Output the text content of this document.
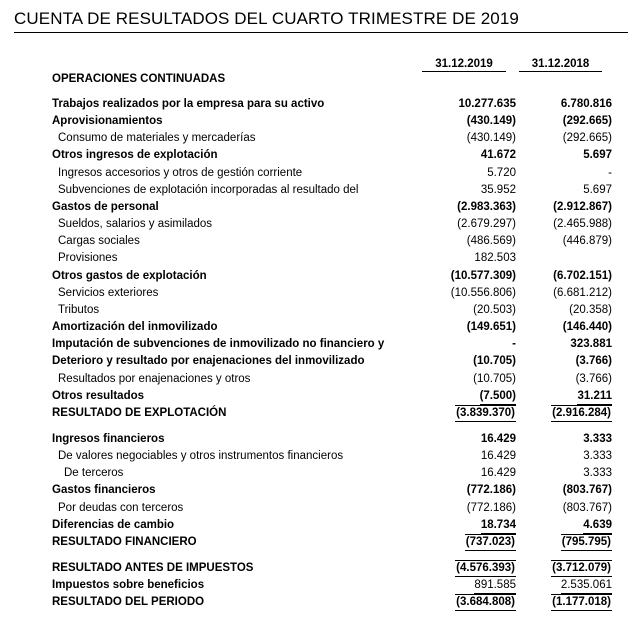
CUENTA DE RESULTADOS DEL CUARTO TRIMESTRE DE 2019
31.12.2019	31.12.2018
OPERACIONES CONTINUADAS
Trabajos realizados por la empresa para su activo	10.277.635	6.780.816
Aprovisionamientos	(430.149)	(292.665)
Consumo de materiales y mercaderías	(430.149)	(292.665)
Otros ingresos de explotación	41.672	5.697
Ingresos accesorios y otros de gestión corriente	5.720	-
Subvenciones de explotación incorporadas al resultado del	35.952	5.697
Gastos de personal	(2.983.363)	(2.912.867)
Sueldos, salarios y asimilados	(2.679.297)	(2.465.988)
Cargas sociales	(486.569)	(446.879)
Provisiones	182.503	
Otros gastos de explotación	(10.577.309)	(6.702.151)
Servicios exteriores	(10.556.806)	(6.681.212)
Tributos	(20.503)	(20.358)
Amortización del inmovilizado	(149.651)	(146.440)
Imputación de subvenciones de inmovilizado no financiero y	-	323.881
Deterioro y resultado por enajenaciones del inmovilizado	(10.705)	(3.766)
Resultados por enajenaciones y otros	(10.705)	(3.766)
Otros resultados	(7.500)	31.211
RESULTADO DE EXPLOTACIÓN	(3.839.370)	(2.916.284)

Ingresos financieros	16.429	3.333
De valores negociables y otros instrumentos financieros	16.429	3.333
De terceros	16.429	3.333
Gastos financieros	(772.186)	(803.767)
Por deudas con terceros	(772.186)	(803.767)
Diferencias de cambio	18.734	4.639
RESULTADO FINANCIERO	(737.023)	(795.795)

RESULTADO ANTES DE IMPUESTOS	(4.576.393)	(3.712.079)
Impuestos sobre beneficios	891.585	2.535.061
RESULTADO DEL PERIODO	(3.684.808)	(1.177.018)
